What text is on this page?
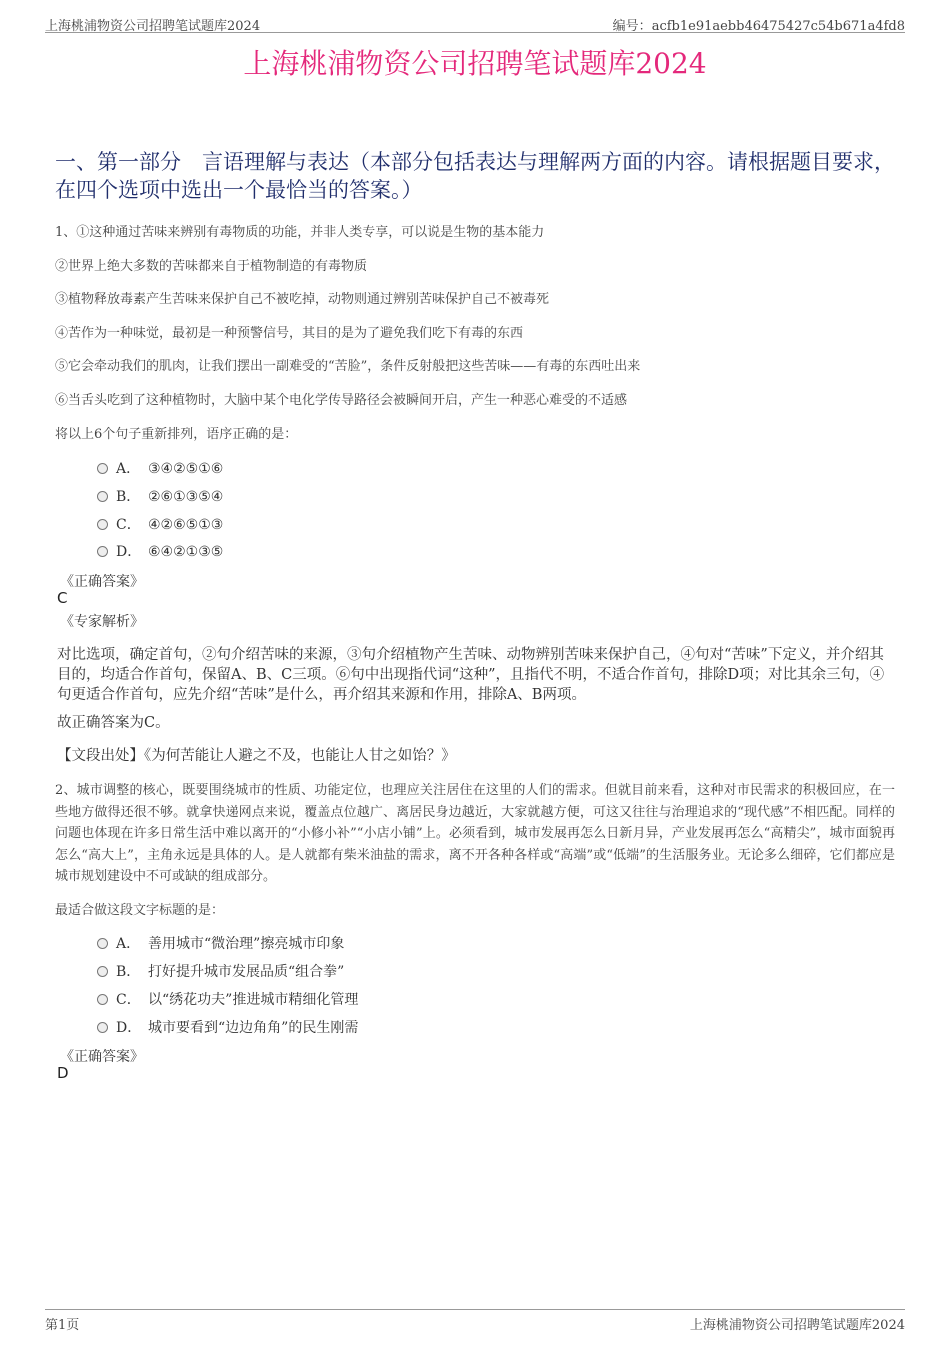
上海桃浦物资公司招聘笔试题库2024	编号：acfb1e91aebb46475427c54b671a4fd8
上海桃浦物资公司招聘笔试题库2024
一、第一部分　言语理解与表达（本部分包括表达与理解两方面的内容。请根据题目要求，在四个选项中选出一个最恰当的答案。）
1、①这种通过苦味来辨别有毒物质的功能，并非人类专享，可以说是生物的基本能力
②世界上绝大多数的苦味都来自于植物制造的有毒物质
③植物释放毒素产生苦味来保护自己不被吃掉，动物则通过辨别苦味保护自己不被毒死
④苦作为一种味觉，最初是一种预警信号，其目的是为了避免我们吃下有毒的东西
⑤它会牵动我们的肌肉，让我们摆出一副难受的“苦脸”，条件反射般把这些苦味——有毒的东西吐出来
⑥当舌头吃到了这种植物时，大脑中某个电化学传导路径会被瞬间开启，产生一种恶心难受的不适感
将以上6个句子重新排列，语序正确的是：
A． ③④②⑤①⑥
B． ②⑥①③⑤④
C． ④②⑥⑤①③
D． ⑥④②①③⑤
《正确答案》
C
《专家解析》
对比选项，确定首句，②句介绍苦味的来源，③句介绍植物产生苦味、动物辨别苦味来保护自己，④句对“苦味”下定义，并介绍其目的，均适合作首句，保留A、B、C三项。⑥句中出现指代词“这种”，且指代不明，不适合作首句，排除D项；对比其余三句，④句更适合作首句，应先介绍“苦味”是什么，再介绍其来源和作用，排除A、B两项。
故正确答案为C。
【文段出处】《为何苦能让人避之不及，也能让人甘之如饴？》
2、城市调整的核心，既要围绕城市的性质、功能定位，也理应关注居住在这里的人们的需求。但就目前来看，这种对市民需求的积极回应，在一些地方做得还很不够。就拿快递网点来说，覆盖点位越广、离居民身边越近，大家就越方便，可这又往往与治理追求的“现代感”不相匹配。同样的问题也体现在许多日常生活中难以离开的“小修小补”“小店小铺”上。必须看到，城市发展再怎么日新月异，产业发展再怎么“高精尖”，城市面貌再怎么“高大上”，主角永远是具体的人。是人就都有柴米油盐的需求，离不开各种各样或“高端”或“低端”的生活服务业。无论多么细碎，它们都应是城市规划建设中不可或缺的组成部分。
最适合做这段文字标题的是：
A． 善用城市“微治理”擦亮城市印象
B． 打好提升城市发展品质“组合拳”
C． 以“绣花功夫”推进城市精细化管理
D． 城市要看到“边边角角”的民生刚需
《正确答案》
D
第1页	上海桃浦物资公司招聘笔试题库2024
